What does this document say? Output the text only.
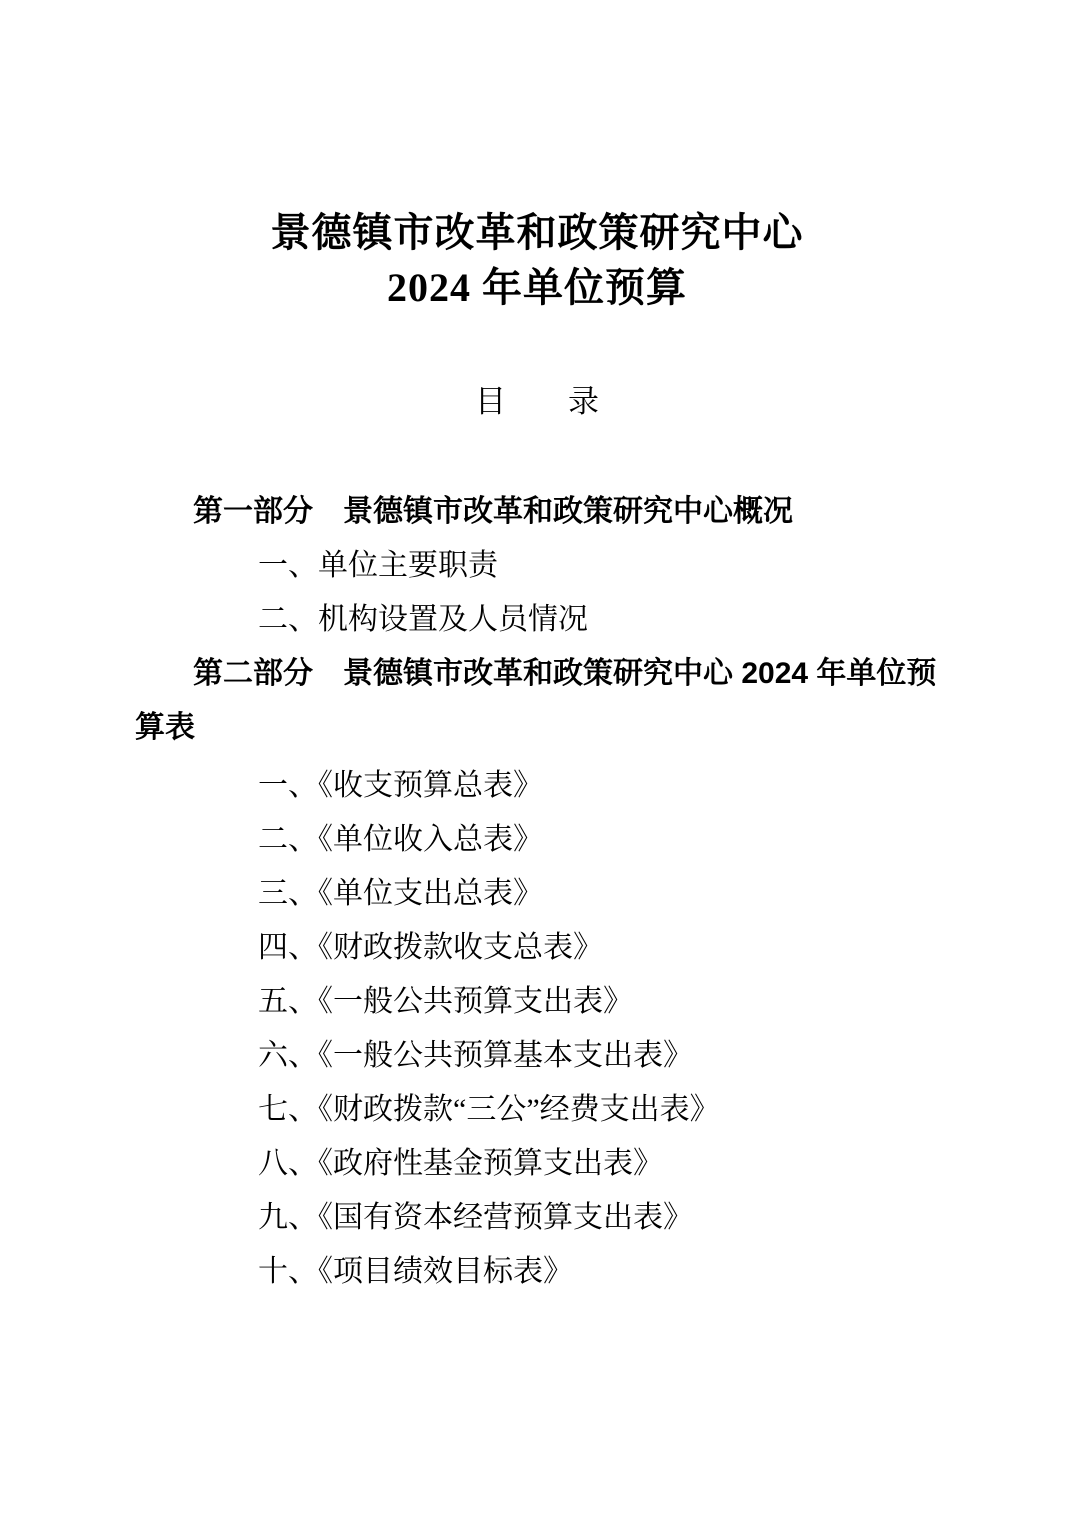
景德镇市改革和政策研究中心
2024 年单位预算
目　　录
第一部分　景德镇市改革和政策研究中心概况
一、单位主要职责
二、机构设置及人员情况
第二部分　景德镇市改革和政策研究中心 2024 年单位预算表
一、《收支预算总表》
二、《单位收入总表》
三、《单位支出总表》
四、《财政拨款收支总表》
五、《一般公共预算支出表》
六、《一般公共预算基本支出表》
七、《财政拨款“三公”经费支出表》
八、《政府性基金预算支出表》
九、《国有资本经营预算支出表》
十、《项目绩效目标表》
